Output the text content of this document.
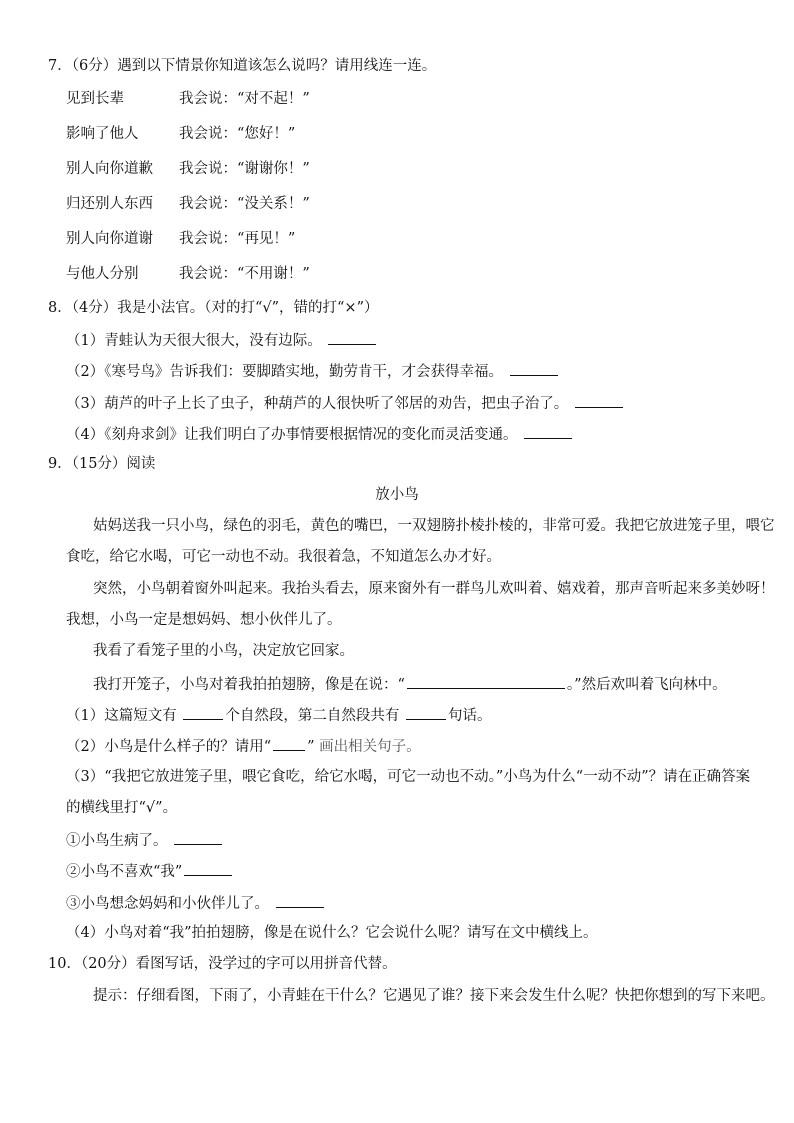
7．（6分）遇到以下情景你知道该怎么说吗？请用线连一连。
见到长辈	我会说：“对不起！”
影响了他人	我会说：“您好！”
别人向你道歉 我会说：“谢谢你！”
归还别人东西 我会说：“没关系！”
别人向你道谢 我会说：“再见！”
与他人分别	我会说：“不用谢！”
8．（4分）我是小法官。（对的打“√”，错的打“×”）
（1）青蛙认为天很大很大，没有边际。
（2）《寒号鸟》告诉我们：要脚踏实地，勤劳肯干，才会获得幸福。
（3）葫芦的叶子上长了虫子，种葫芦的人很快听了邻居的劝告，把虫子治了。
（4）《刻舟求剑》让我们明白了办事情要根据情况的变化而灵活变通。
9．（15分）阅读
放小鸟
姑妈送我一只小鸟，绿色的羽毛，黄色的嘴巴，一双翅膀扑棱扑棱的，非常可爱。我把它放进笼子里，喂它
食吃，给它水喝，可它一动也不动。我很着急，不知道怎么办才好。
突然，小鸟朝着窗外叫起来。我抬头看去，原来窗外有一群鸟儿欢叫着、嬉戏着，那声音听起来多美妙呀！
我想，小鸟一定是想妈妈、想小伙伴儿了。
我看了看笼子里的小鸟，决定放它回家。
我打开笼子，小鸟对着我拍拍翅膀，像是在说：“	。”然后欢叫着飞向林中。
（1）这篇短文有	个自然段，第二自然段共有	句话。
（2）小鸟是什么样子的？请用“ ” 画出相关句子。
（3）“我把它放进笼子里，喂它食吃，给它水喝，可它一动也不动。”小鸟为什么“一动不动”？请在正确答案
的横线里打“√”。
①小鸟生病了。
②小鸟不喜欢“我”
③小鸟想念妈妈和小伙伴儿了。
（4）小鸟对着“我”拍拍翅膀，像是在说什么？它会说什么呢？请写在文中横线上。
10．（20分）看图写话，没学过的字可以用拼音代替。
提示：仔细看图，下雨了，小青蛙在干什么？它遇见了谁？接下来会发生什么呢？快把你想到的写下来吧。
